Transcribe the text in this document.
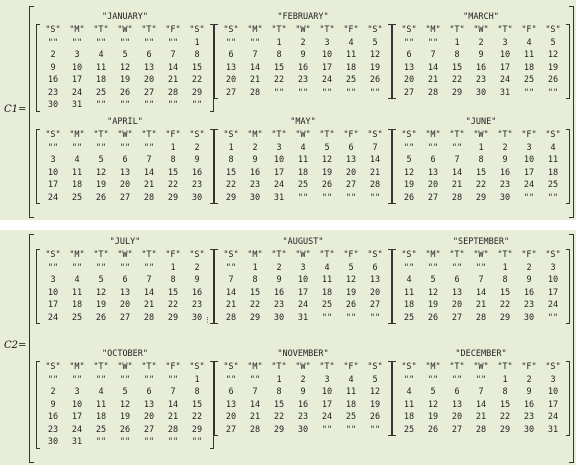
C1=
"JANUARY"
"S"	"M"	"T"	"W"	"T"	"F"	"S"
""	""	""	""	""	""	1
2	3	4	5	6	7	8
9	10	11	12	13	14	15
16	17	18	19	20	21	22
23	24	25	26	27	28	29
30	31	""	""	""	""	""
"FEBRUARY"
"S"	"M"	"T"	"W"	"T"	"F"	"S"
""	""	1	2	3	4	5
6	7	8	9	10	11	12
13	14	15	16	17	18	19
20	21	22	23	24	25	26
27	28	""	""	""	""	""
"MARCH"
"S"	"M"	"T"	"W"	"T"	"F"	"S"
""	""	1	2	3	4	5
6	7	8	9	10	11	12
13	14	15	16	17	18	19
20	21	22	23	24	25	26
27	28	29	30	31	""	""
"APRIL"
"S"	"M"	"T"	"W"	"T"	"F"	"S"
""	""	""	""	""	1	2
3	4	5	6	7	8	9
10	11	12	13	14	15	16
17	18	19	20	21	22	23
24	25	26	27	28	29	30
"MAY"
"S"	"M"	"T"	"W"	"T"	"F"	"S"
1	2	3	4	5	6	7
8	9	10	11	12	13	14
15	16	17	18	19	20	21
22	23	24	25	26	27	28
29	30	31	""	""	""	""
"JUNE"
"S"	"M"	"T"	"W"	"T"	"F"	"S"
""	""	""	1	2	3	4
5	6	7	8	9	10	11
12	13	14	15	16	17	18
19	20	21	22	23	24	25
26	27	28	29	30	""	""
C2=
"JULY"
"S"	"M"	"T"	"W"	"T"	"F"	"S"
""	""	""	""	""	1	2
3	4	5	6	7	8	9
10	11	12	13	14	15	16
17	18	19	20	21	22	23
24	25	26	27	28	29	30 ⋮
"AUGUST"
"S"	"M"	"T"	"W"	"T"	"F"	"S"
""	1	2	3	4	5	6
7	8	9	10	11	12	13
14	15	16	17	18	19	20
21	22	23	24	25	26	27
28	29	30	31	""	""	""
"SEPTEMBER"
"S"	"M"	"T"	"W"	"T"	"F"	"S"
""	""	""	""	1	2	3
4	5	6	7	8	9	10
11	12	13	14	15	16	17
18	19	20	21	22	23	24
25	26	27	28	29	30	""
"OCTOBER"
"S"	"M"	"T"	"W"	"T"	"F"	"S"
""	""	""	""	""	""	1
2	3	4	5	6	7	8
9	10	11	12	13	14	15
16	17	18	19	20	21	22
23	24	25	26	27	28	29
30	31	""	""	""	""	""
"NOVEMBER"
"S"	"M"	"T"	"W"	"T"	"F"	"S"
""	""	1	2	3	4	5
6	7	8	9	10	11	12
13	14	15	16	17	18	19
20	21	22	23	24	25	26
27	28	29	30	""	""	""
"DECEMBER"
"S"	"M"	"T"	"W"	"T"	"F"	"S"
""	""	""	""	1	2	3
4	5	6	7	8	9	10
11	12	13	14	15	16	17
18	19	20	21	22	23	24
25	26	27	28	29	30	31
